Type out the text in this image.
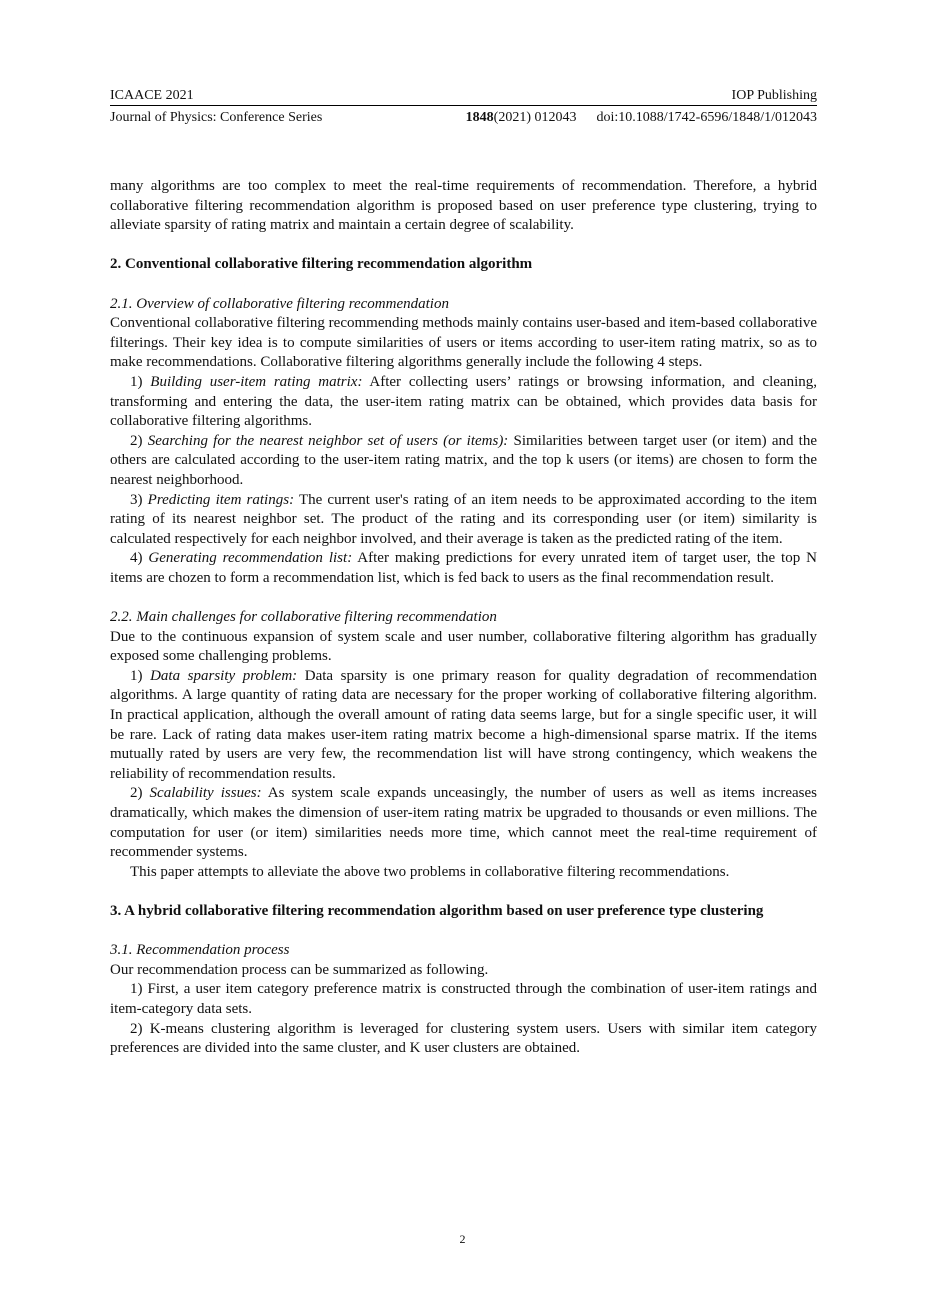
ICAACE 2021	IOP Publishing
Journal of Physics: Conference Series	1848(2021) 012043 doi:10.1088/1742-6596/1848/1/012043

many algorithms are too complex to meet the real-time requirements of recommendation. Therefore, a hybrid collaborative filtering recommendation algorithm is proposed based on user preference type clustering, trying to alleviate sparsity of rating matrix and maintain a certain degree of scalability.

2. Conventional collaborative filtering recommendation algorithm

2.1. Overview of collaborative filtering recommendation

Conventional collaborative filtering recommending methods mainly contains user-based and item-based collaborative filterings. Their key idea is to compute similarities of users or items according to user-item rating matrix, so as to make recommendations. Collaborative filtering algorithms generally include the following 4 steps.

1) Building user-item rating matrix: After collecting users’ ratings or browsing information, and cleaning, transforming and entering the data, the user-item rating matrix can be obtained, which provides data basis for collaborative filtering algorithms.

2) Searching for the nearest neighbor set of users (or items): Similarities between target user (or item) and the others are calculated according to the user-item rating matrix, and the top k users (or items) are chosen to form the nearest neighborhood.

3) Predicting item ratings: The current user's rating of an item needs to be approximated according to the item rating of its nearest neighbor set. The product of the rating and its corresponding user (or item) similarity is calculated respectively for each neighbor involved, and their average is taken as the predicted rating of the item.

4) Generating recommendation list: After making predictions for every unrated item of target user, the top N items are chozen to form a recommendation list, which is fed back to users as the final recommendation result.

2.2. Main challenges for collaborative filtering recommendation

Due to the continuous expansion of system scale and user number, collaborative filtering algorithm has gradually exposed some challenging problems.

1) Data sparsity problem: Data sparsity is one primary reason for quality degradation of recommendation algorithms. A large quantity of rating data are necessary for the proper working of collaborative filtering algorithm. In practical application, although the overall amount of rating data seems large, but for a single specific user, it will be rare. Lack of rating data makes user-item rating matrix become a high-dimensional sparse matrix. If the items mutually rated by users are very few, the recommendation list will have strong contingency, which weakens the reliability of recommendation results.

2) Scalability issues: As system scale expands unceasingly, the number of users as well as items increases dramatically, which makes the dimension of user-item rating matrix be upgraded to thousands or even millions. The computation for user (or item) similarities needs more time, which cannot meet the real-time requirement of recommender systems.

This paper attempts to alleviate the above two problems in collaborative filtering recommendations.

3. A hybrid collaborative filtering recommendation algorithm based on user preference type clustering

3.1. Recommendation process

Our recommendation process can be summarized as following.

1) First, a user item category preference matrix is constructed through the combination of user-item ratings and item-category data sets.

2) K-means clustering algorithm is leveraged for clustering system users. Users with similar item category preferences are divided into the same cluster, and K user clusters are obtained.

2
